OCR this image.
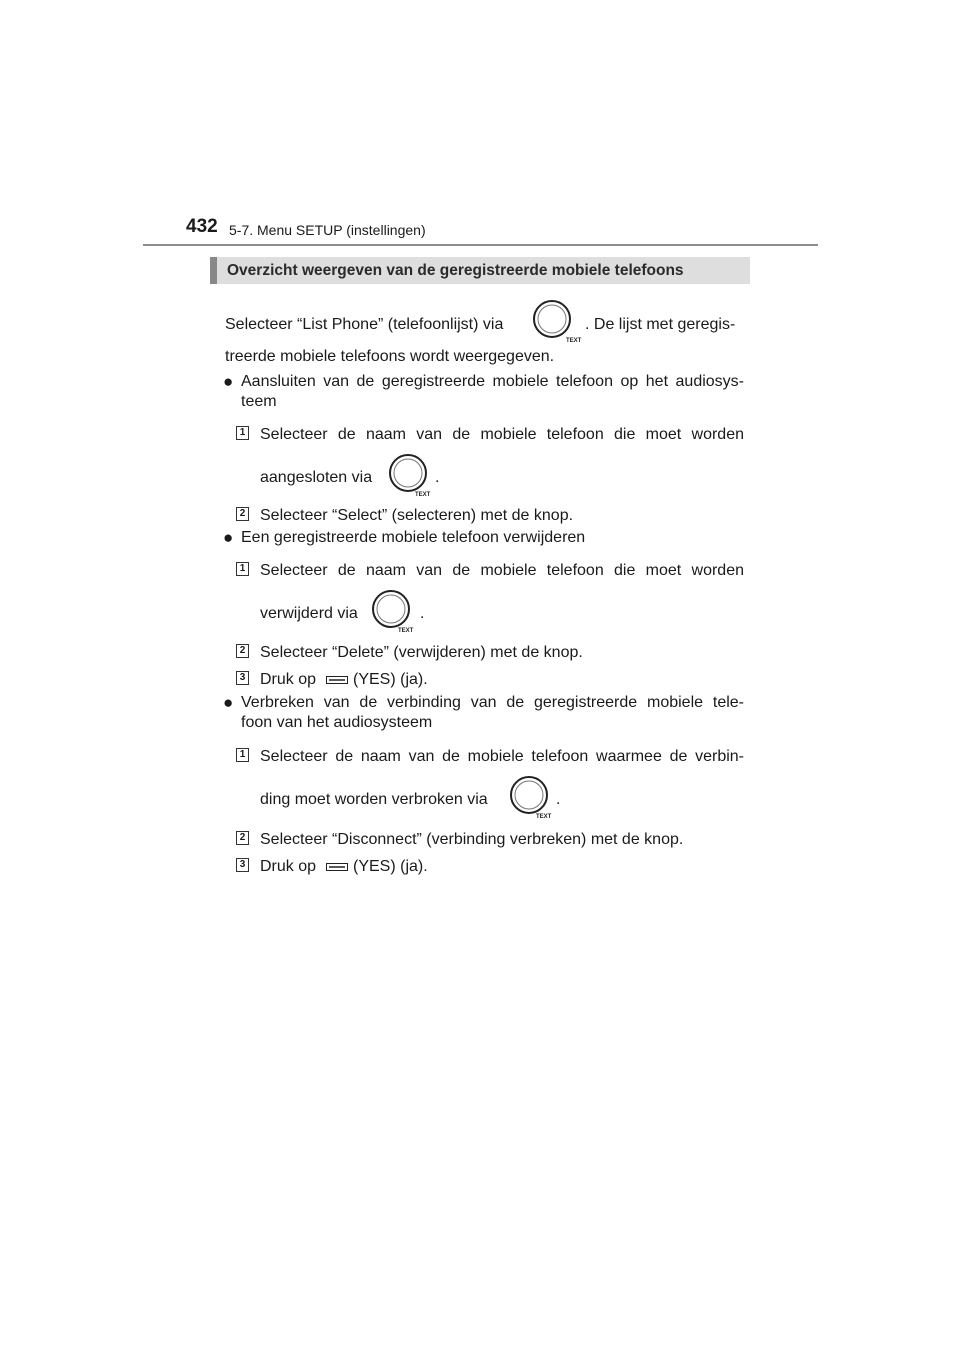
432 5-7. Menu SETUP (instellingen)
Overzicht weergeven van de geregistreerde mobiele telefoons
Selecteer “List Phone” (telefoonlijst) via
TEXT
. De lijst met geregis-
treerde mobiele telefoons wordt weergegeven.
● Aansluiten van de geregistreerde mobiele telefoon op het audiosys-
teem
1 Selecteer de naam van de mobiele telefoon die moet worden
aangesloten via
TEXT
.
2 Selecteer “Select” (selecteren) met de knop.
● Een geregistreerde mobiele telefoon verwijderen
1 Selecteer de naam van de mobiele telefoon die moet worden
verwijderd via
TEXT
.
2 Selecteer “Delete” (verwijderen) met de knop.
3 Druk op (YES) (ja).
● Verbreken van de verbinding van de geregistreerde mobiele tele-
foon van het audiosysteem
1 Selecteer de naam van de mobiele telefoon waarmee de verbin-
ding moet worden verbroken via
TEXT
.
2 Selecteer “Disconnect” (verbinding verbreken) met de knop.
3 Druk op (YES) (ja).
